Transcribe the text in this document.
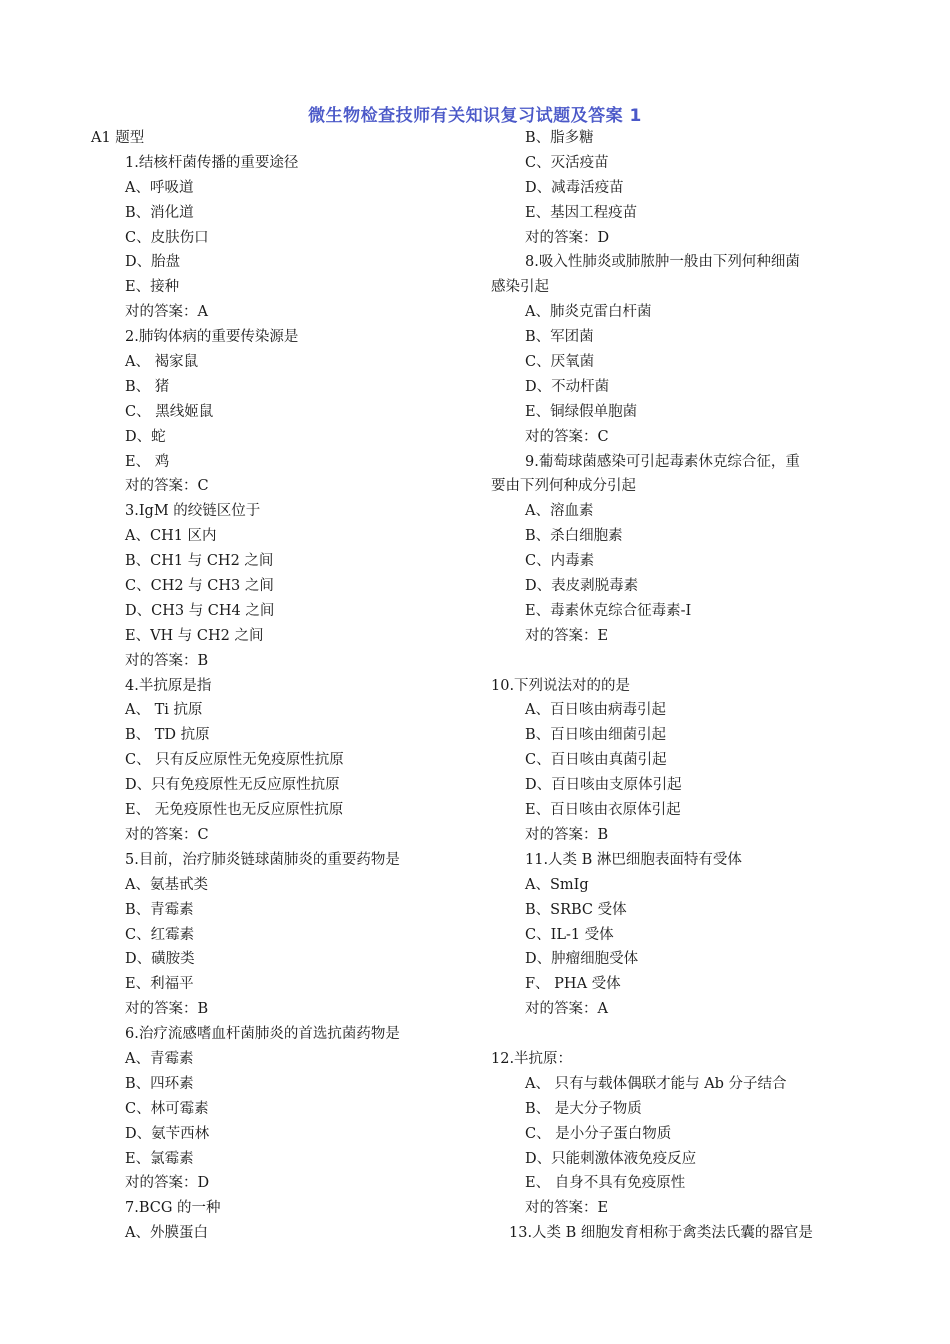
微生物检查技师有关知识复习试题及答案 1
A1 题型
1.结核杆菌传播的重要途径
A、呼吸道
B、消化道
C、皮肤伤口
D、胎盘
E、接种
对的答案：A
2.肺钩体病的重要传染源是
A、 褐家鼠
B、 猪
C、 黑线姬鼠
D、蛇
E、 鸡
对的答案：C
3.IgM 的绞链区位于
A、CH1 区内
B、CH1 与 CH2 之间
C、CH2 与 CH3 之间
D、CH3 与 CH4 之间
E、VH 与 CH2 之间
对的答案：B
4.半抗原是指
A、 Ti 抗原
B、 TD 抗原
C、 只有反应原性无免疫原性抗原
D、只有免疫原性无反应原性抗原
E、 无免疫原性也无反应原性抗原
对的答案：C
5.目前，治疗肺炎链球菌肺炎的重要药物是
A、氨基甙类
B、青霉素
C、红霉素
D、磺胺类
E、利福平
对的答案：B
6.治疗流感嗜血杆菌肺炎的首选抗菌药物是
A、青霉素
B、四环素
C、林可霉素
D、氨苄西林
E、氯霉素
对的答案：D
7.BCG 的一种
A、外膜蛋白
B、脂多糖
C、灭活疫苗
D、减毒活疫苗
E、基因工程疫苗
对的答案：D
8.吸入性肺炎或肺脓肿一般由下列何种细菌
感染引起
A、肺炎克雷白杆菌
B、军团菌
C、厌氧菌
D、不动杆菌
E、铜绿假单胞菌
对的答案：C
9.葡萄球菌感染可引起毒素休克综合征，重
要由下列何种成分引起
A、溶血素
B、杀白细胞素
C、内毒素
D、表皮剥脱毒素
E、毒素休克综合征毒素-I
对的答案：E
10.下列说法对的的是
A、百日咳由病毒引起
B、百日咳由细菌引起
C、百日咳由真菌引起
D、百日咳由支原体引起
E、百日咳由衣原体引起
对的答案：B
11.人类 B 淋巴细胞表面特有受体
A、SmIg
B、SRBC 受体
C、IL-1 受体
D、肿瘤细胞受体
F、 PHA 受体
对的答案：A
12.半抗原：
A、 只有与载体偶联才能与 Ab 分子结合
B、 是大分子物质
C、 是小分子蛋白物质
D、只能刺激体液免疫反应
E、 自身不具有免疫原性
对的答案：E
13.人类 B 细胞发育相称于禽类法氏囊的器官是
